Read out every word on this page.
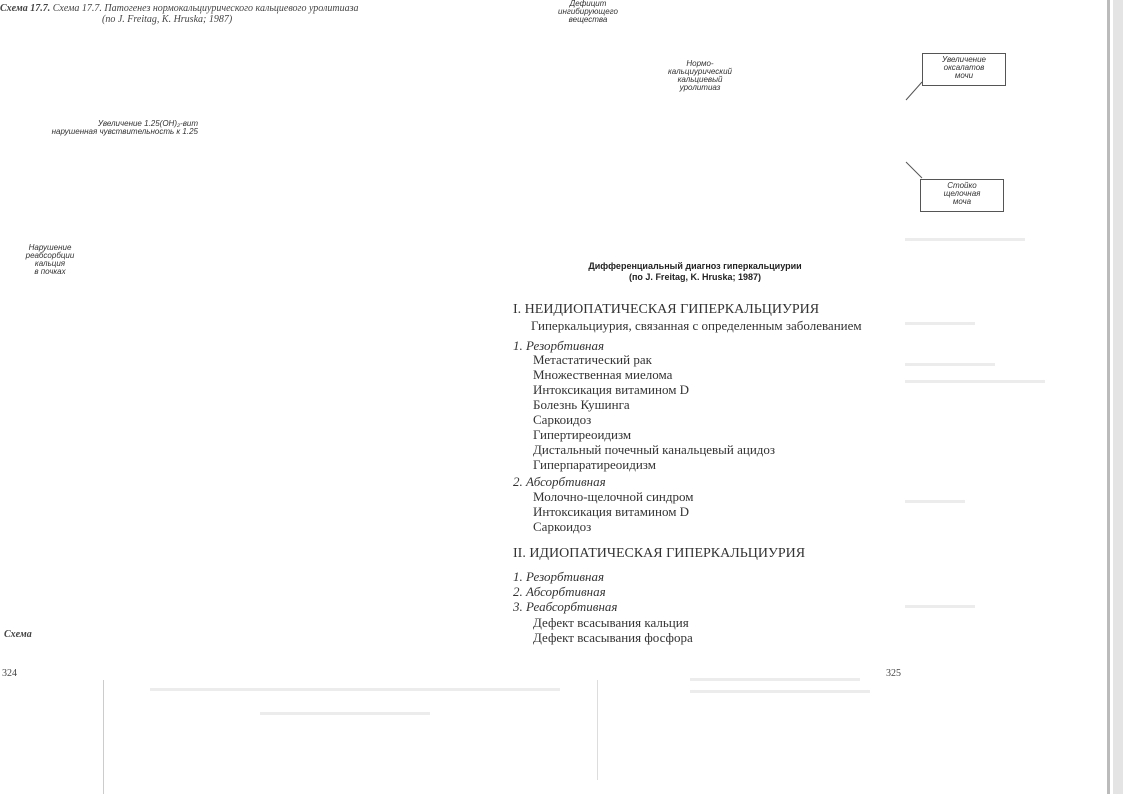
Схема 17.7. Схема 17.7. Патогенез нормокальциурического кальциевого уролитиаза
(по J. Freitag, K. Hruska; 1987)
Увеличение 1.25(OH)₂-вит
нарушенная чувствительность к 1.25
Нарушение
реабсорбции
кальция
в почках
Схема
324
Дефицит
ингибирующего
вещества
Нормо-
кальциурический
кальциевый
уролитиаз
Увеличение
оксалатов
мочи
Стойко
щелочная
моча
Дифференциальный диагноз гиперкальциурии
(по J. Freitag, K. Hruska; 1987)
I. НЕИДИОПАТИЧЕСКАЯ ГИПЕРКАЛЬЦИУРИЯ
Гиперкальциурия, связанная с определенным заболеванием
1. Резорбтивная
Метастатический рак
Множественная миелома
Интоксикация витамином D
Болезнь Кушинга
Саркоидоз
Гипертиреоидизм
Дистальный почечный канальцевый ацидоз
Гиперпаратиреоидизм
2. Абсорбтивная
Молочно-щелочной синдром
Интоксикация витамином D
Саркоидоз
II. ИДИОПАТИЧЕСКАЯ ГИПЕРКАЛЬЦИУРИЯ
1. Резорбтивная
2. Абсорбтивная
3. Реабсорбтивная
Дефект всасывания кальция
Дефект всасывания фосфора
325
